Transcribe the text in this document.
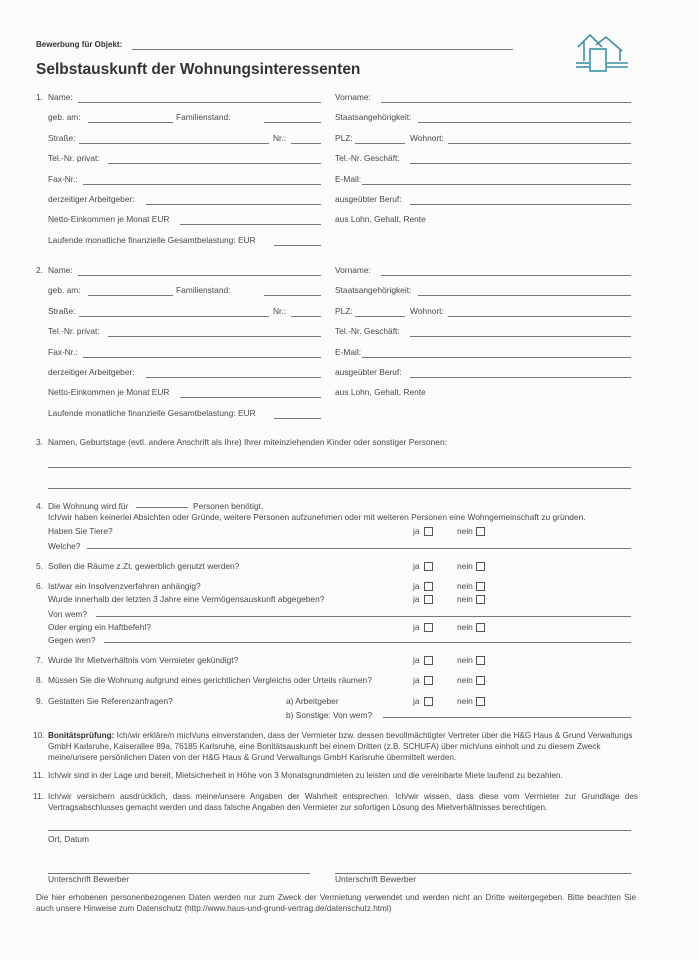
Bewerbung für Objekt:
Selbstauskunft der Wohnungsinteressenten
1. Name:	Vorname:
geb. am:	Familienstand:	Staatsangehörigkeit:
Straße:	Nr.:	PLZ:	Wohnort:
Tel.-Nr. privat:	Tel.-Nr. Geschäft:
Fax-Nr.:	E-Mail:
derzeitiger Arbeitgeber:	ausgeübter Beruf:
Netto-Einkommen je Monat EUR	aus Lohn, Gehalt, Rente
Laufende monatliche finanzielle Gesamtbelastung: EUR
2. Name:	Vorname:
geb. am:	Familienstand:	Staatsangehörigkeit:
Straße:	Nr.:	PLZ:	Wohnort:
Tel.-Nr. privat:	Tel.-Nr. Geschäft:
Fax-Nr.:	E-Mail:
derzeitiger Arbeitgeber:	ausgeübter Beruf:
Netto-Einkommen je Monat EUR	aus Lohn, Gehalt, Rente
Laufende monatliche finanzielle Gesamtbelastung: EUR
3. Namen, Geburtstage (evtl. andere Anschrift als Ihre) Ihrer miteinziehenden Kinder oder sonstiger Personen:
4. Die Wohnung wird für	Personen benötigt.
Ich/wir haben keinerlei Absichten oder Gründe, weitere Personen aufzunehmen oder mit weiteren Personen eine Wohngemeinschaft zu gründen.
Haben Sie Tiere?	ja	nein
Welche?
5. Sollen die Räume z.Zt. gewerblich genutzt werden?	ja	nein
6. Ist/war ein Insolvenzverfahren anhängig?	ja	nein
Wurde innerhalb der letzten 3 Jahre eine Vermögensauskunft abgegeben?	ja	nein
Von wem?
Oder erging ein Haftbefehl?	ja	nein
Gegen wen?
7. Wurde Ihr Mietverhältnis vom Vermieter gekündigt?	ja	nein
8. Müssen Sie die Wohnung aufgrund eines gerichtlichen Vergleichs oder Urteils räumen?	ja	nein
9. Gestatten Sie Referenzanfragen?	a) Arbeitgeber	ja	nein
b) Sonstige: Von wem?
10. Bonitätsprüfung: Ich/wir erkläre/n mich/uns einverstanden, dass der Vermieter bzw. dessen bevollmächtigter Vertreter über die H&G Haus & Grund Verwaltungs GmbH Karlsruhe, Kaiserallee 89a, 76185 Karlsruhe, eine Bonitätsauskunft bei einem Dritten (z.B. SCHUFA) über mich/uns einholt und zu diesem Zweck meine/unsere persönlichen Daten von der H&G Haus & Grund Verwaltungs GmbH Karlsruhe übermittelt werden.
11. Ich/wir sind in der Lage und bereit, Mietsicherheit in Höhe von 3 Monatsgrundmieten zu leisten und die vereinbarte Miete laufend zu bezahlen.
11. Ich/wir versichern ausdrücklich, dass meine/unsere Angaben der Wahrheit entsprechen. Ich/wir wissen, dass diese vom Vermieter zur Grundlage des Vertragsabschlusses gemacht werden und dass falsche Angaben den Vermieter zur sofortigen Lösung des Mietverhältnisses berechtigen.
Ort, Datum
Unterschrift Bewerber	Unterschrift Bewerber
Die hier erhobenen personenbezogenen Daten werden nur zum Zweck der Vermietung verwendet und werden nicht an Dritte weitergegeben. Bitte beachten Sie auch unsere Hinweise zum Datenschutz (http://www.haus-und-grund-vertrag.de/datenschutz.html)
